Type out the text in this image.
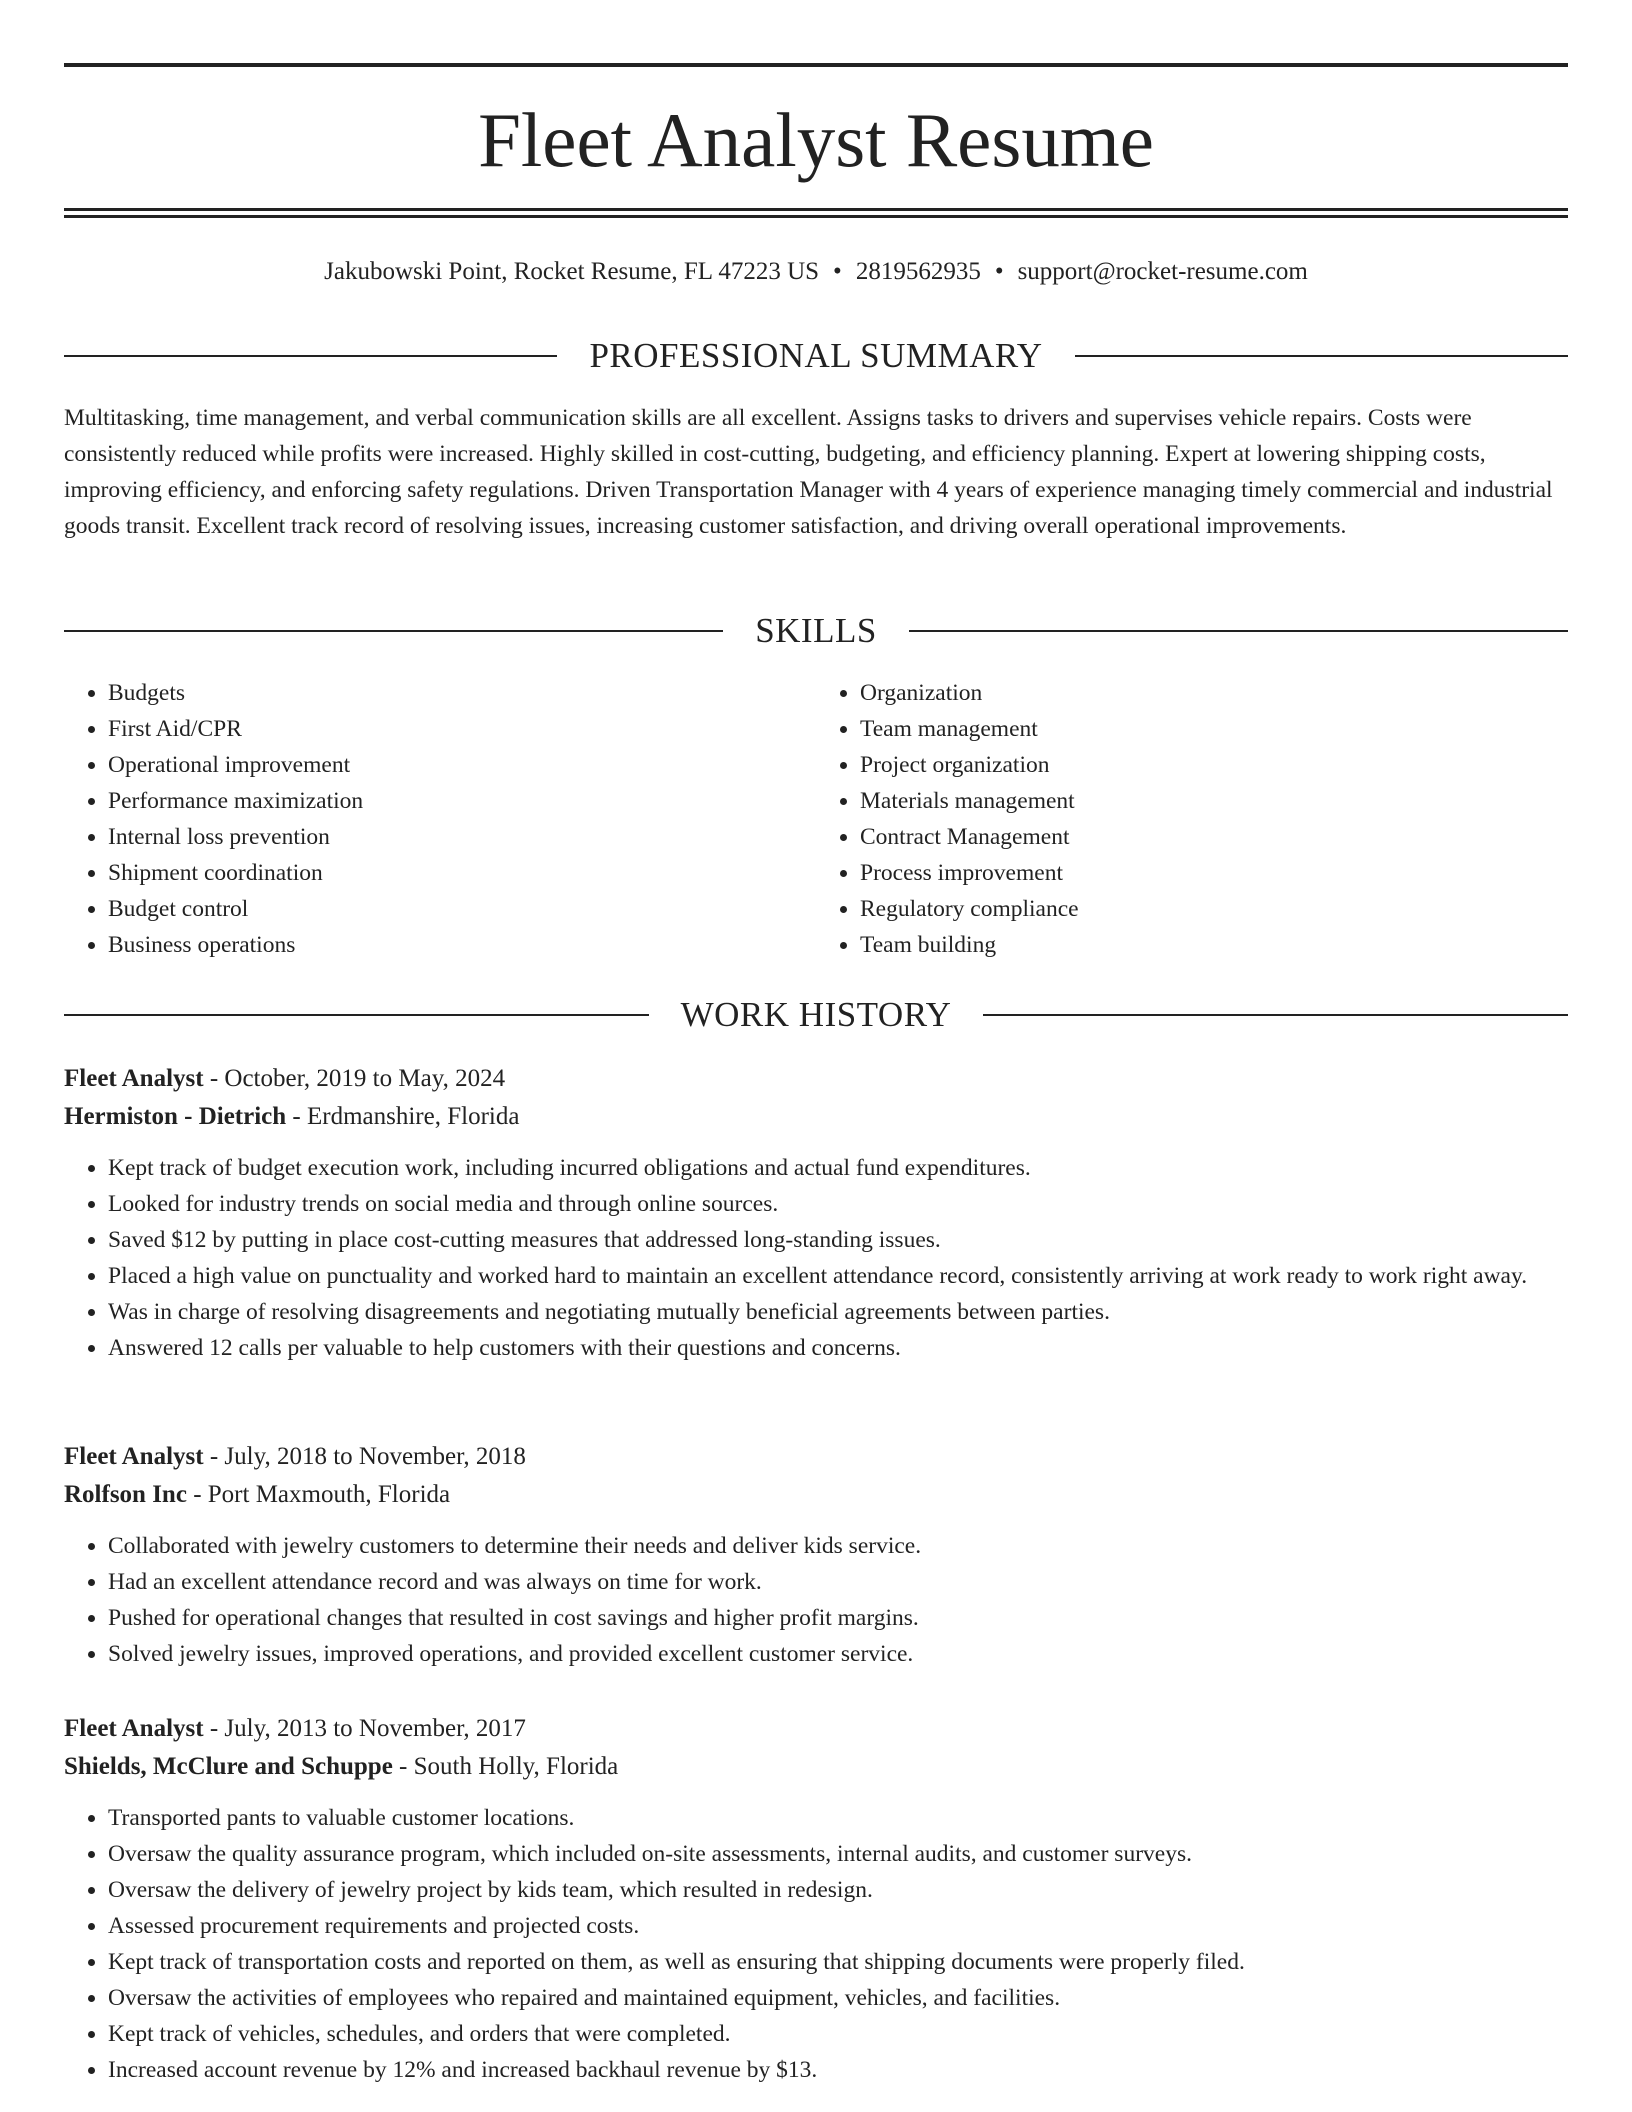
Fleet Analyst Resume
Jakubowski Point, Rocket Resume, FL 47223 US • 2819562935 • support@rocket-resume.com
PROFESSIONAL SUMMARY

Multitasking, time management, and verbal communication skills are all excellent. Assigns tasks to drivers and supervises vehicle repairs. Costs were consistently reduced while profits were increased. Highly skilled in cost-cutting, budgeting, and efficiency planning. Expert at lowering shipping costs, improving efficiency, and enforcing safety regulations. Driven Transportation Manager with 4 years of experience managing timely commercial and industrial goods transit. Excellent track record of resolving issues, increasing customer satisfaction, and driving overall operational improvements.

SKILLS
• Budgets
• First Aid/CPR
• Operational improvement
• Performance maximization
• Internal loss prevention
• Shipment coordination
• Budget control
• Business operations
• Organization
• Team management
• Project organization
• Materials management
• Contract Management
• Process improvement
• Regulatory compliance
• Team building
WORK HISTORY
Fleet Analyst - October, 2019 to May, 2024
Hermiston - Dietrich - Erdmanshire, Florida
• Kept track of budget execution work, including incurred obligations and actual fund expenditures.
• Looked for industry trends on social media and through online sources.
• Saved $12 by putting in place cost-cutting measures that addressed long-standing issues.
• Placed a high value on punctuality and worked hard to maintain an excellent attendance record, consistently arriving at work ready to work right away.
• Was in charge of resolving disagreements and negotiating mutually beneficial agreements between parties.
• Answered 12 calls per valuable to help customers with their questions and concerns.
Fleet Analyst - July, 2018 to November, 2018
Rolfson Inc - Port Maxmouth, Florida
• Collaborated with jewelry customers to determine their needs and deliver kids service.
• Had an excellent attendance record and was always on time for work.
• Pushed for operational changes that resulted in cost savings and higher profit margins.
• Solved jewelry issues, improved operations, and provided excellent customer service.
Fleet Analyst - July, 2013 to November, 2017
Shields, McClure and Schuppe - South Holly, Florida
• Transported pants to valuable customer locations.
• Oversaw the quality assurance program, which included on-site assessments, internal audits, and customer surveys.
• Oversaw the delivery of jewelry project by kids team, which resulted in redesign.
• Assessed procurement requirements and projected costs.
• Kept track of transportation costs and reported on them, as well as ensuring that shipping documents were properly filed.
• Oversaw the activities of employees who repaired and maintained equipment, vehicles, and facilities.
• Kept track of vehicles, schedules, and orders that were completed.
• Increased account revenue by 12% and increased backhaul revenue by $13.
